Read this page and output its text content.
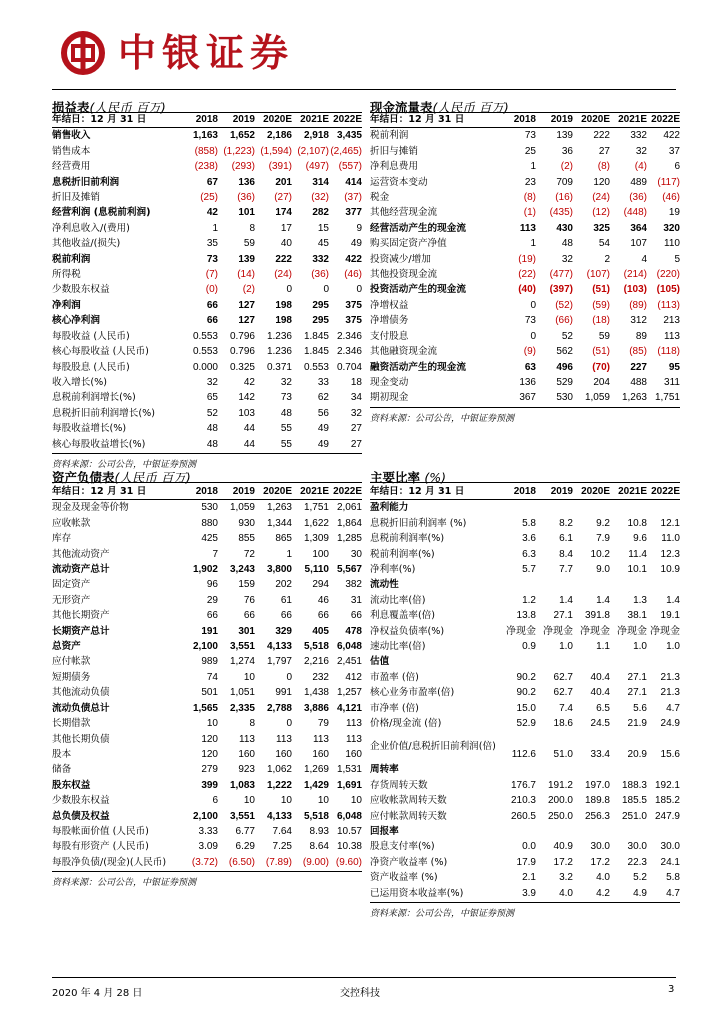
中银证券
损益表(人民币 百万)
年结日：12 月 31 日	2018	2019	2020E	2021E	2022E
销售收入	1,163	1,652	2,186	2,918	3,435
销售成本	(858)	(1,223)	(1,594)	(2,107)	(2,465)
经营费用	(238)	(293)	(391)	(497)	(557)
息税折旧前利润	67	136	201	314	414
折旧及摊销	(25)	(36)	(27)	(32)	(37)
经营利润 (息税前利润)	42	101	174	282	377
净利息收入/(费用)	1	8	17	15	9
其他收益/(损失)	35	59	40	45	49
税前利润	73	139	222	332	422
所得税	(7)	(14)	(24)	(36)	(46)
少数股东权益	(0)	(2)	0	0	0
净利润	66	127	198	295	375
核心净利润	66	127	198	295	375
每股收益 (人民币)	0.553	0.796	1.236	1.845	2.346
核心每股收益 (人民币)	0.553	0.796	1.236	1.845	2.346
每股股息 (人民币)	0.000	0.325	0.371	0.553	0.704
收入增长(%)	32	42	32	33	18
息税前利润增长(%)	65	142	73	62	34
息税折旧前利润增长(%)	52	103	48	56	32
每股收益增长(%)	48	44	55	49	27
核心每股收益增长(%)	48	44	55	49	27
资料来源：公司公告，中银证券预测
现金流量表(人民币 百万)
年结日：12 月 31 日	2018	2019	2020E	2021E	2022E
税前利润	73	139	222	332	422
折旧与摊销	25	36	27	32	37
净利息费用	1	(2)	(8)	(4)	6
运营资本变动	23	709	120	489	(117)
税金	(8)	(16)	(24)	(36)	(46)
其他经营现金流	(1)	(435)	(12)	(448)	19
经营活动产生的现金流	113	430	325	364	320
购买固定资产净值	1	48	54	107	110
投资减少/增加	(19)	32	2	4	5
其他投资现金流	(22)	(477)	(107)	(214)	(220)
投资活动产生的现金流	(40)	(397)	(51)	(103)	(105)
净增权益	0	(52)	(59)	(89)	(113)
净增债务	73	(66)	(18)	312	213
支付股息	0	52	59	89	113
其他融资现金流	(9)	562	(51)	(85)	(118)
融资活动产生的现金流	63	496	(70)	227	95
现金变动	136	529	204	488	311
期初现金	367	530	1,059	1,263	1,751
资料来源：公司公告，中银证券预测
资产负债表(人民币 百万)
年结日：12 月 31 日	2018	2019	2020E	2021E	2022E
现金及现金等价物	530	1,059	1,263	1,751	2,061
应收帐款	880	930	1,344	1,622	1,864
库存	425	855	865	1,309	1,285
其他流动资产	7	72	1	100	30
流动资产总计	1,902	3,243	3,800	5,110	5,567
固定资产	96	159	202	294	382
无形资产	29	76	61	46	31
其他长期资产	66	66	66	66	66
长期资产总计	191	301	329	405	478
总资产	2,100	3,551	4,133	5,518	6,048
应付帐款	989	1,274	1,797	2,216	2,451
短期债务	74	10	0	232	412
其他流动负债	501	1,051	991	1,438	1,257
流动负债总计	1,565	2,335	2,788	3,886	4,121
长期借款	10	8	0	79	113
其他长期负债	120	113	113	113	113
股本	120	160	160	160	160
储备	279	923	1,062	1,269	1,531
股东权益	399	1,083	1,222	1,429	1,691
少数股东权益	6	10	10	10	10
总负债及权益	2,100	3,551	4,133	5,518	6,048
每股帐面价值 (人民币)	3.33	6.77	7.64	8.93	10.57
每股有形资产 (人民币)	3.09	6.29	7.25	8.64	10.38
每股净负债/(现金)(人民币)	(3.72)	(6.50)	(7.89)	(9.00)	(9.60)
资料来源：公司公告，中银证券预测
主要比率 (%)
年结日：12 月 31 日	2018	2019	2020E	2021E	2022E
盈利能力					
息税折旧前利润率 (%)	5.8	8.2	9.2	10.8	12.1
息税前利润率(%)	3.6	6.1	7.9	9.6	11.0
税前利润率(%)	6.3	8.4	10.2	11.4	12.3
净利率(%)	5.7	7.7	9.0	10.1	10.9
流动性					
流动比率(倍)	1.2	1.4	1.4	1.3	1.4
利息覆盖率(倍)	13.8	27.1	391.8	38.1	19.1
净权益负债率(%)	净现金	净现金	净现金	净现金	净现金
速动比率(倍)	0.9	1.0	1.1	1.0	1.0
估值					
市盈率 (倍)	90.2	62.7	40.4	27.1	21.3
核心业务市盈率(倍)	90.2	62.7	40.4	27.1	21.3
市净率 (倍)	15.0	7.4	6.5	5.6	4.7
价格/现金流 (倍)	52.9	18.6	24.5	21.9	24.9
企业价值/息税折旧前利润(倍)	112.6	51.0	33.4	20.9	15.6
周转率					
存货周转天数	176.7	191.2	197.0	188.3	192.1
应收帐款周转天数	210.3	200.0	189.8	185.5	185.2
应付帐款周转天数	260.5	250.0	256.3	251.0	247.9
回报率					
股息支付率(%)	0.0	40.9	30.0	30.0	30.0
净资产收益率 (%)	17.9	17.2	17.2	22.3	24.1
资产收益率 (%)	2.1	3.2	4.0	5.2	5.8
已运用资本收益率(%)	3.9	4.0	4.2	4.9	4.7
资料来源：公司公告，中银证券预测
2020 年 4 月 28 日	交控科技	3
